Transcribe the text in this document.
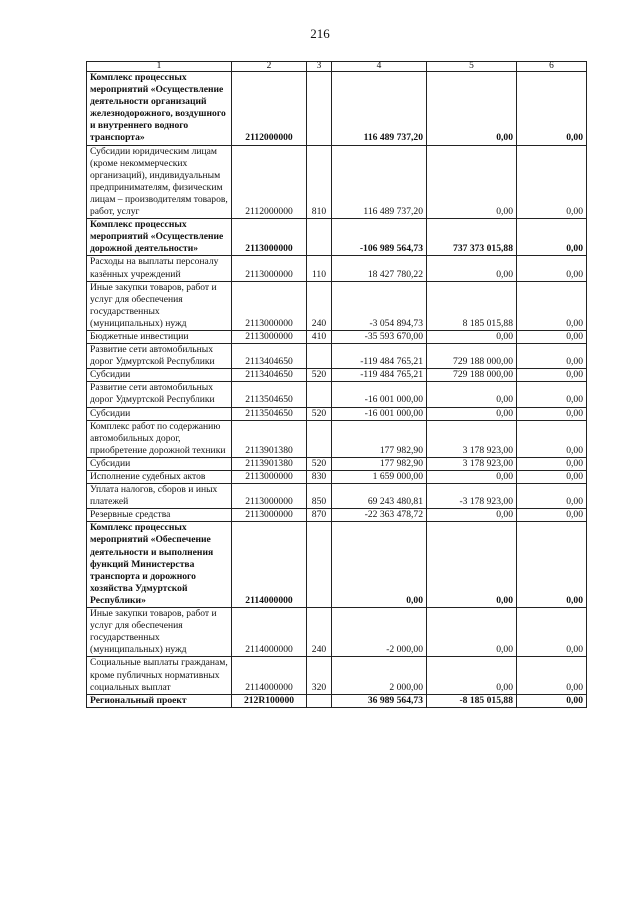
216
1	2	3	4	5	6
Комплекс процессных мероприятий «Осуществление деятельности организаций железнодорожного, воздушного и внутреннего водного транспорта»	2112000000		116 489 737,20	0,00	0,00
Субсидии юридическим лицам (кроме некоммерческих организаций), индивидуальным предпринимателям, физическим лицам – производителям товаров, работ, услуг	2112000000	810	116 489 737,20	0,00	0,00
Комплекс процессных мероприятий «Осуществление дорожной деятельности»	2113000000		-106 989 564,73	737 373 015,88	0,00
Расходы на выплаты персоналу казённых учреждений	2113000000	110	18 427 780,22	0,00	0,00
Иные закупки товаров, работ и услуг для обеспечения государственных (муниципальных) нужд	2113000000	240	-3 054 894,73	8 185 015,88	0,00
Бюджетные инвестиции	2113000000	410	-35 593 670,00	0,00	0,00
Развитие сети автомобильных дорог Удмуртской Республики	2113404650		-119 484 765,21	729 188 000,00	0,00
Субсидии	2113404650	520	-119 484 765,21	729 188 000,00	0,00
Развитие сети автомобильных дорог Удмуртской Республики	2113504650		-16 001 000,00	0,00	0,00
Субсидии	2113504650	520	-16 001 000,00	0,00	0,00
Комплекс работ по содержанию автомобильных дорог, приобретение дорожной техники	2113901380		177 982,90	3 178 923,00	0,00
Субсидии	2113901380	520	177 982,90	3 178 923,00	0,00
Исполнение судебных актов	2113000000	830	1 659 000,00	0,00	0,00
Уплата налогов, сборов и иных платежей	2113000000	850	69 243 480,81	-3 178 923,00	0,00
Резервные средства	2113000000	870	-22 363 478,72	0,00	0,00
Комплекс процессных мероприятий «Обеспечение деятельности и выполнения функций Министерства транспорта и дорожного хозяйства Удмуртской Республики»	2114000000		0,00	0,00	0,00
Иные закупки товаров, работ и услуг для обеспечения государственных (муниципальных) нужд	2114000000	240	-2 000,00	0,00	0,00
Социальные выплаты гражданам, кроме публичных нормативных социальных выплат	2114000000	320	2 000,00	0,00	0,00
Региональный проект	212R100000		36 989 564,73	-8 185 015,88	0,00
